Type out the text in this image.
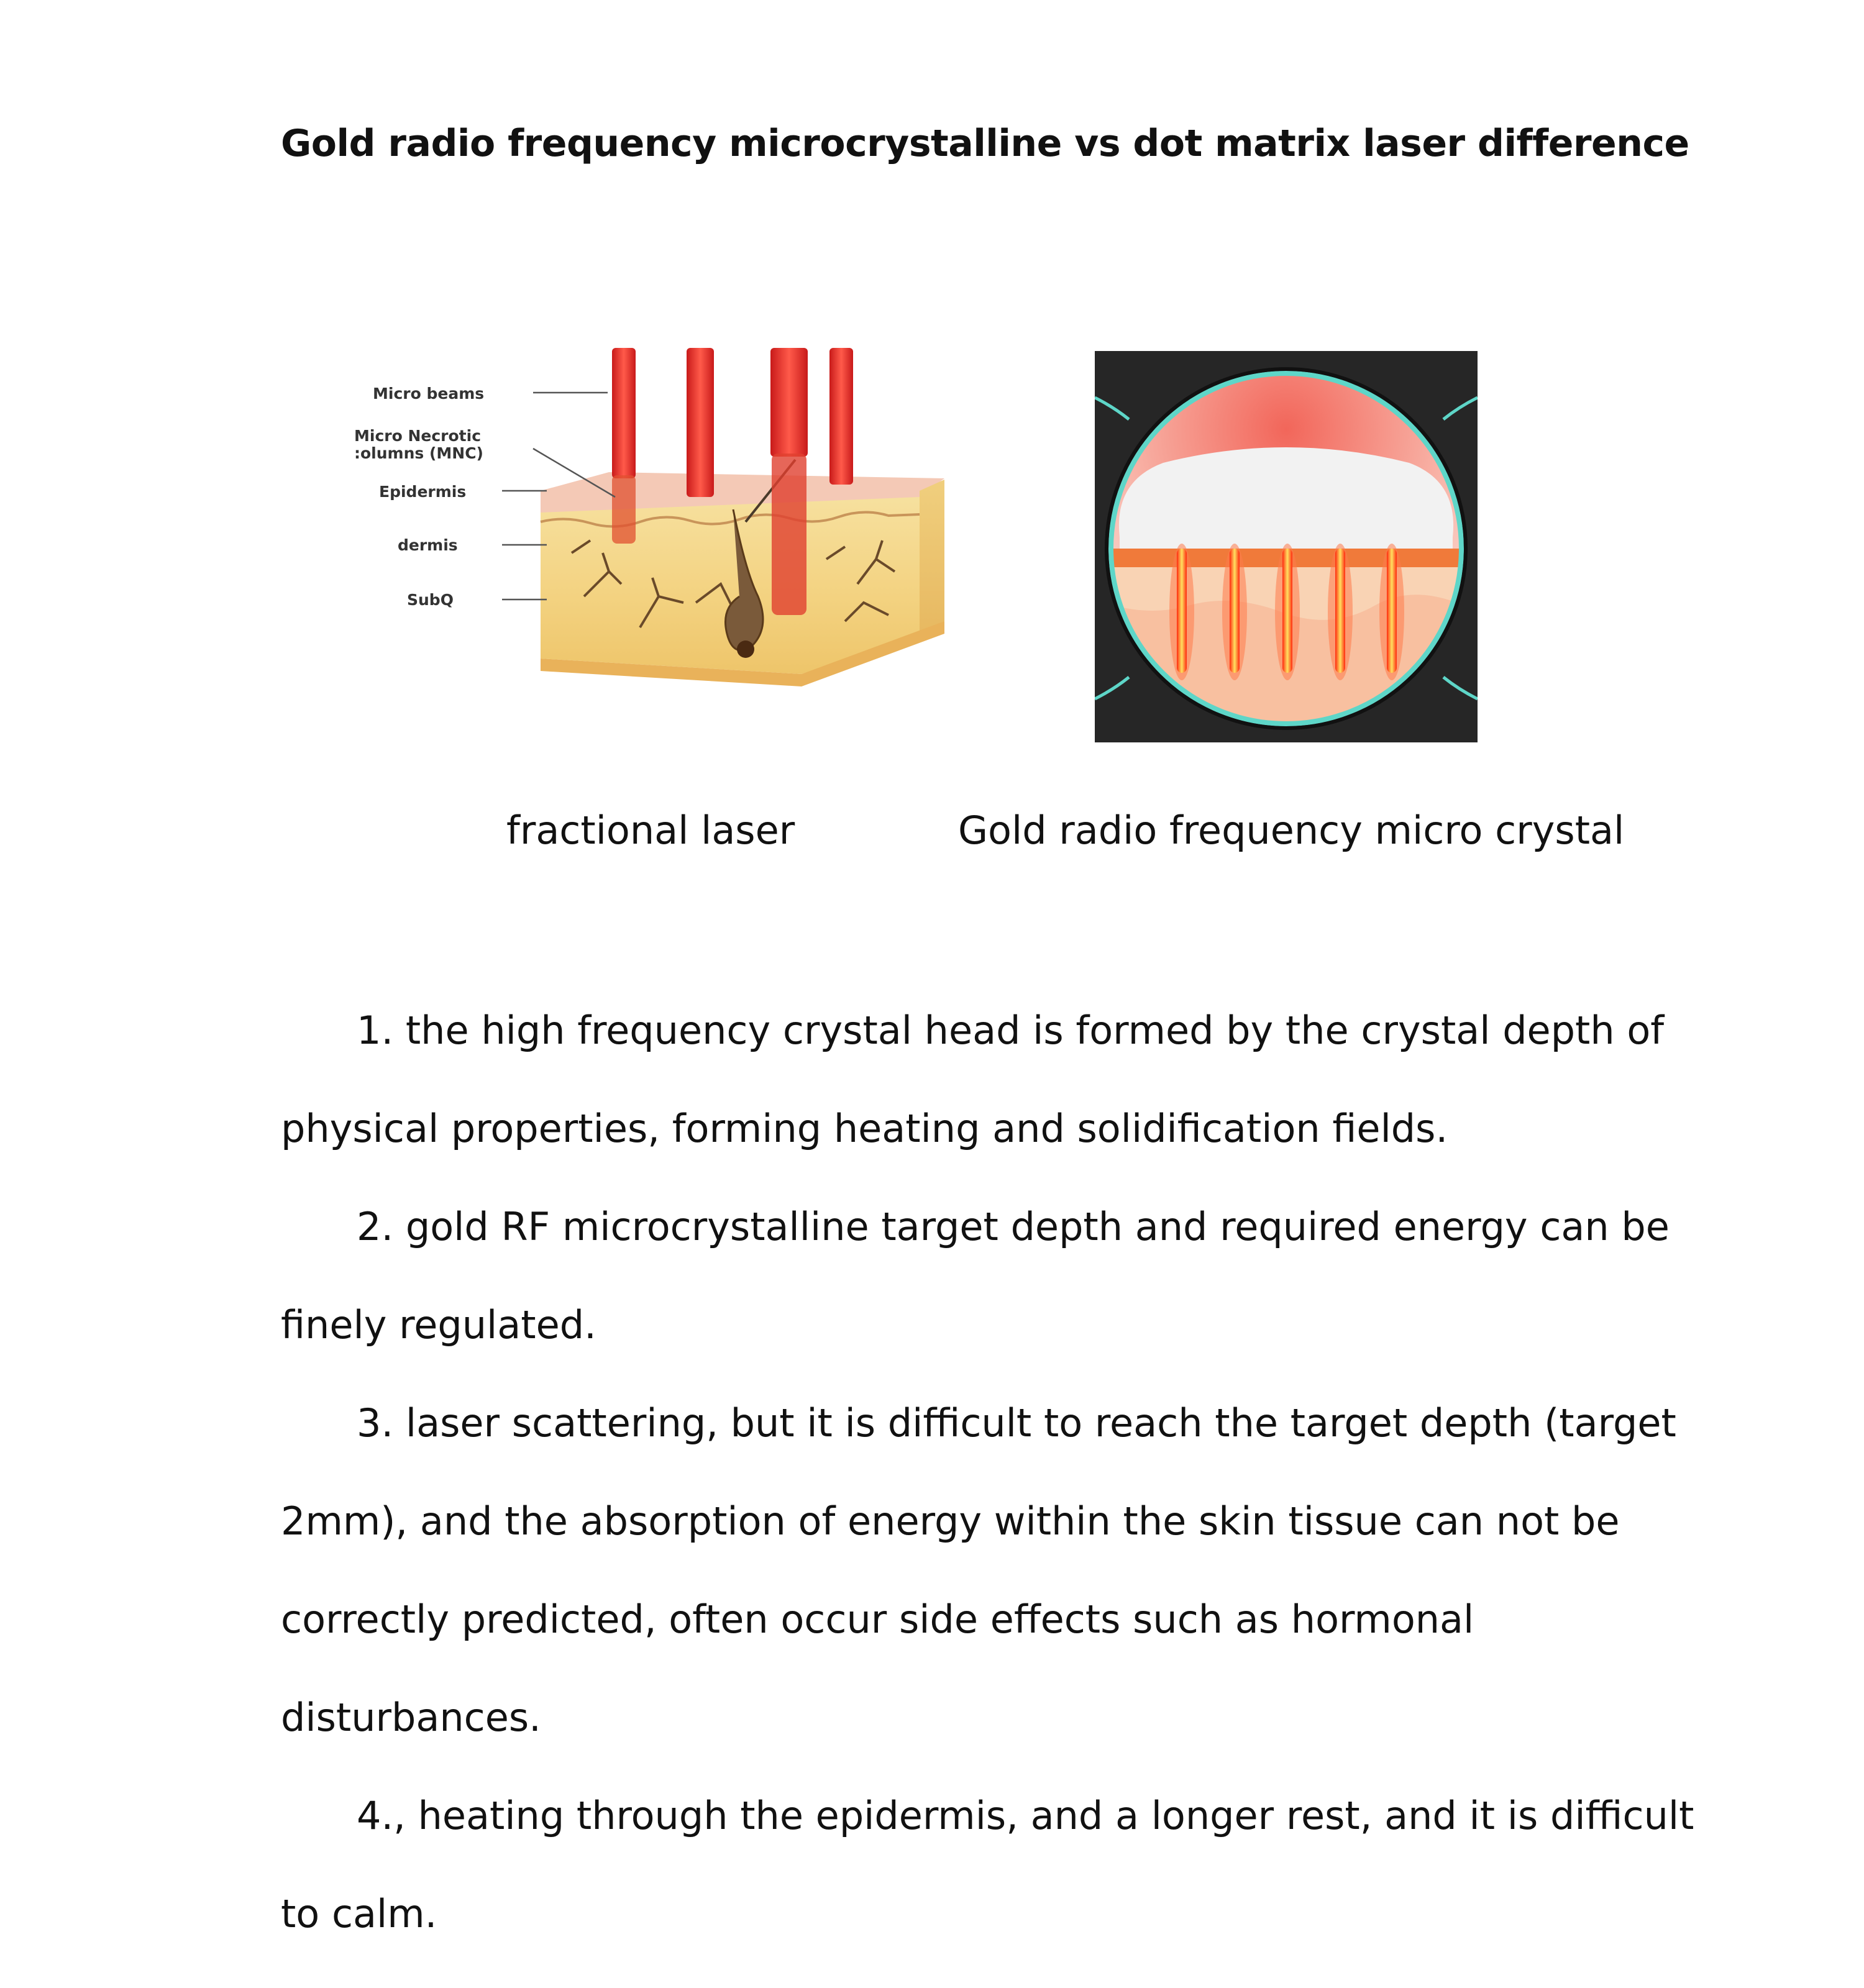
Gold radio frequency microcrystalline vs dot matrix laser difference
Micro beams
Micro Necrotic
:olumns (MNC)
Epidermis
dermis
SubQ
fractional laser	Gold radio frequency micro crystal
1. the high frequency crystal head is formed by the crystal depth of
physical properties, forming heating and solidification fields.
2. gold RF microcrystalline target depth and required energy can be
finely regulated.
3. laser scattering, but it is difficult to reach the target depth (target
2mm), and the absorption of energy within the skin tissue can not be
correctly predicted, often occur side effects such as hormonal
disturbances.
4., heating through the epidermis, and a longer rest, and it is difficult
to calm.
